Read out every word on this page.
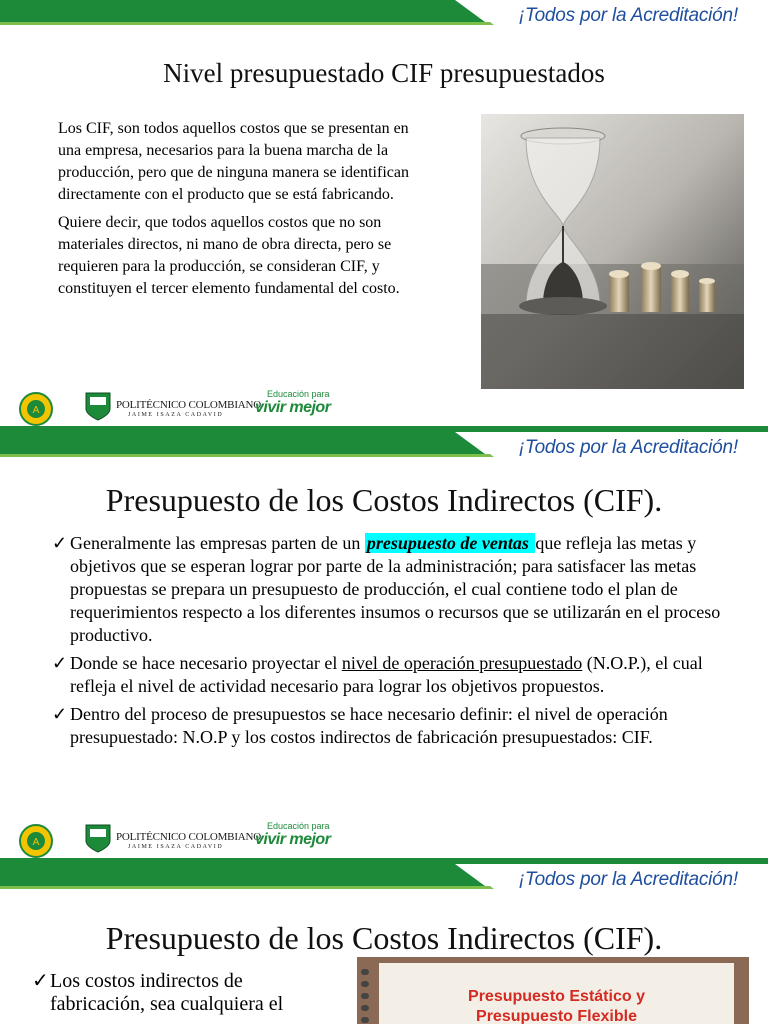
¡Todos por la Acreditación!
Nivel presupuestado CIF presupuestados

Los CIF, son todos aquellos costos que se presentan en una empresa, necesarios para la buena marcha de la producción, pero que de ninguna manera se identifican directamente con el producto que se está fabricando.

Quiere decir, que todos aquellos costos que no son materiales directos, ni mano de obra directa, pero se requieren para la producción, se consideran CIF, y constituyen el tercer elemento fundamental del costo.

A	POLITÉCNICO COLOMBIANO
JAIME ISAZA CADAVID
Educación para
vivir mejor
¡Todos por la Acreditación!
Presupuesto de los Costos Indirectos (CIF).
✓ Generalmente las empresas parten de un presupuesto de ventas que refleja las metas y objetivos que se esperan lograr por parte de la administración; para satisfacer las metas propuestas se prepara un presupuesto de producción, el cual contiene todo el plan de requerimientos respecto a los diferentes insumos o recursos que se utilizarán en el proceso productivo.
✓ Donde se hace necesario proyectar el nivel de operación presupuestado (N.O.P.), el cual refleja el nivel de actividad necesario para lograr los objetivos propuestos.
✓ Dentro del proceso de presupuestos se hace necesario definir: el nivel de operación presupuestado: N.O.P y los costos indirectos de fabricación presupuestados: CIF.
A	POLITÉCNICO COLOMBIANO
JAIME ISAZA CADAVID
Educación para
vivir mejor
¡Todos por la Acreditación!
Presupuesto de los Costos Indirectos (CIF).
✓ Los costos indirectos de fabricación, sea cualquiera el	Presupuesto Estático y
Presupuesto Flexible
